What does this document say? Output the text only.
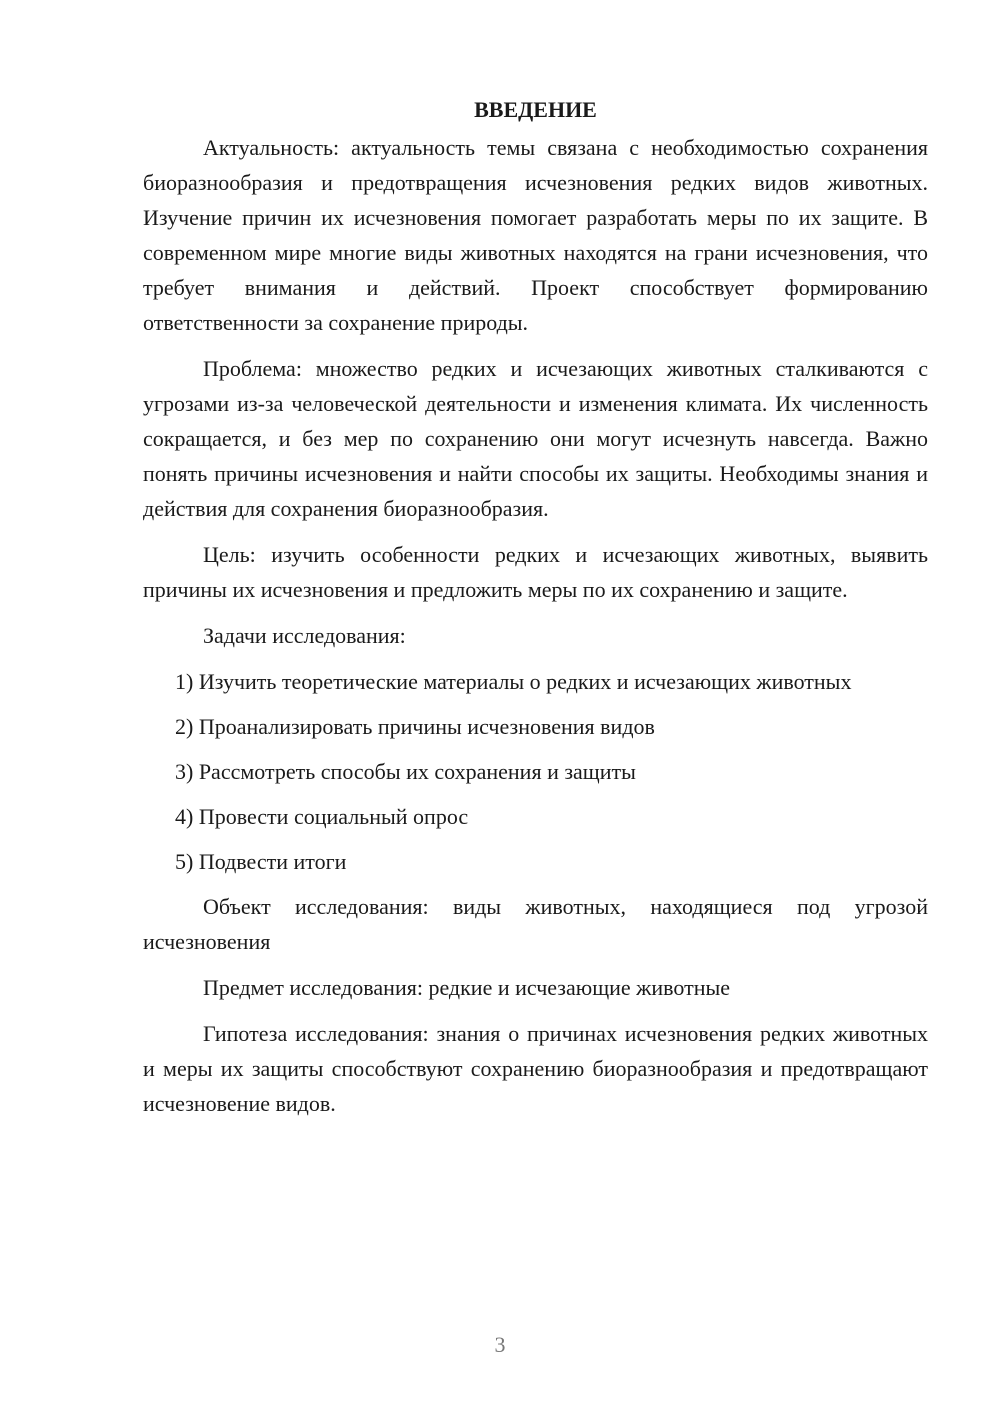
ВВЕДЕНИЕ

Актуальность: актуальность темы связана с необходимостью сохранения биоразнообразия и предотвращения исчезновения редких видов животных. Изучение причин их исчезновения помогает разработать меры по их защите. В современном мире многие виды животных находятся на грани исчезновения, что требует внимания и действий. Проект способствует формированию ответственности за сохранение природы.

Проблема: множество редких и исчезающих животных сталкиваются с угрозами из-за человеческой деятельности и изменения климата. Их численность сокращается, и без мер по сохранению они могут исчезнуть навсегда. Важно понять причины исчезновения и найти способы их защиты. Необходимы знания и действия для сохранения биоразнообразия.

Цель: изучить особенности редких и исчезающих животных, выявить причины их исчезновения и предложить меры по их сохранению и защите.

Задачи исследования:

1) Изучить теоретические материалы о редких и исчезающих животных

2) Проанализировать причины исчезновения видов

3) Рассмотреть способы их сохранения и защиты

4) Провести социальный опрос

5) Подвести итоги

Объект исследования: виды животных, находящиеся под угрозой исчезновения

Предмет исследования: редкие и исчезающие животные

Гипотеза исследования: знания о причинах исчезновения редких животных и меры их защиты способствуют сохранению биоразнообразия и предотвращают исчезновение видов.

3
